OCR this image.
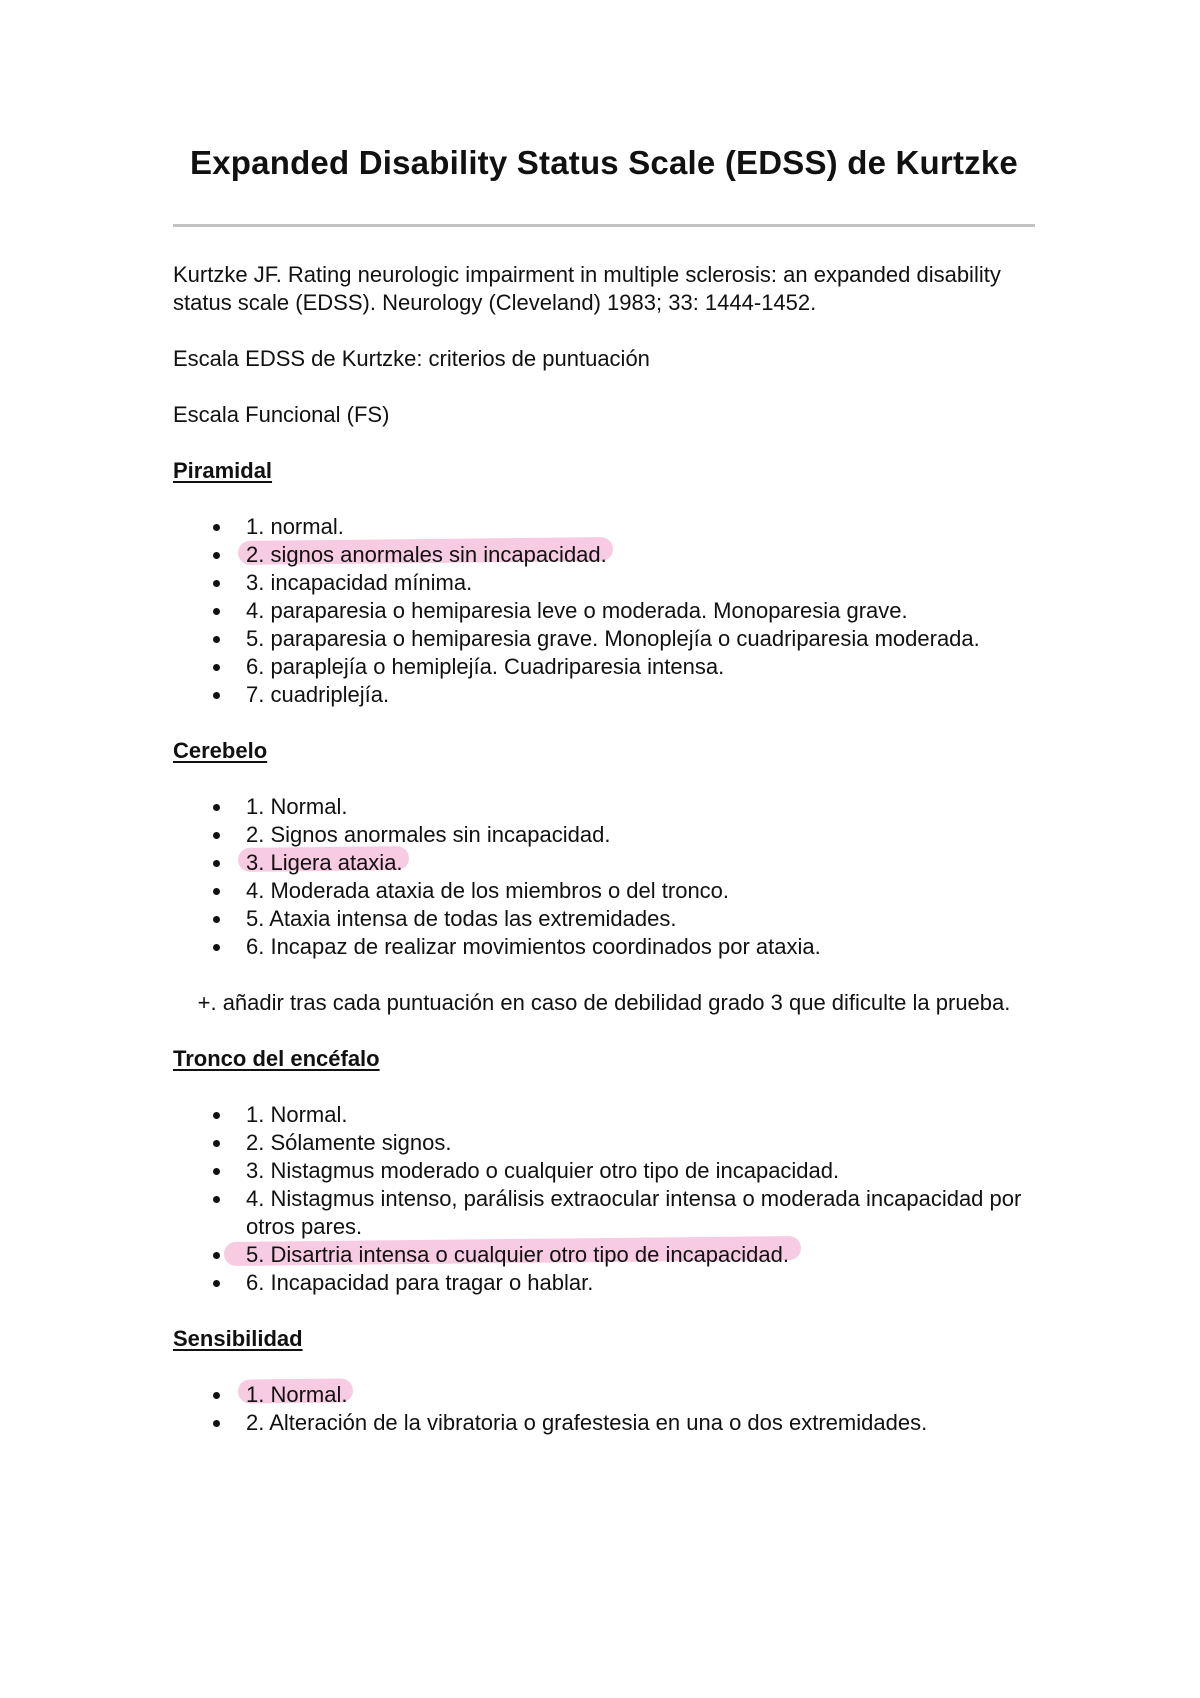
Expanded Disability Status Scale (EDSS) de Kurtzke

Kurtzke JF. Rating neurologic impairment in multiple sclerosis: an expanded disability status scale (EDSS). Neurology (Cleveland) 1983; 33: 1444-1452.

Escala EDSS de Kurtzke: criterios de puntuación

Escala Funcional (FS)

Piramidal
1. normal.
2. signos anormales sin incapacidad.
3. incapacidad mínima.
4. paraparesia o hemiparesia leve o moderada. Monoparesia grave.
5. paraparesia o hemiparesia grave. Monoplejía o cuadriparesia moderada.
6. paraplejía o hemiplejía. Cuadriparesia intensa.
7. cuadriplejía.
Cerebelo
1. Normal.
2. Signos anormales sin incapacidad.
3. Ligera ataxia.
4. Moderada ataxia de los miembros o del tronco.
5. Ataxia intensa de todas las extremidades.
6. Incapaz de realizar movimientos coordinados por ataxia.

+. añadir tras cada puntuación en caso de debilidad grado 3 que dificulte la prueba.

Tronco del encéfalo
1. Normal.
2. Sólamente signos.
3. Nistagmus moderado o cualquier otro tipo de incapacidad.
4. Nistagmus intenso, parálisis extraocular intensa o moderada incapacidad por otros pares.
5. Disartria intensa o cualquier otro tipo de incapacidad.
6. Incapacidad para tragar o hablar.
Sensibilidad
1. Normal.
2. Alteración de la vibratoria o grafestesia en una o dos extremidades.
